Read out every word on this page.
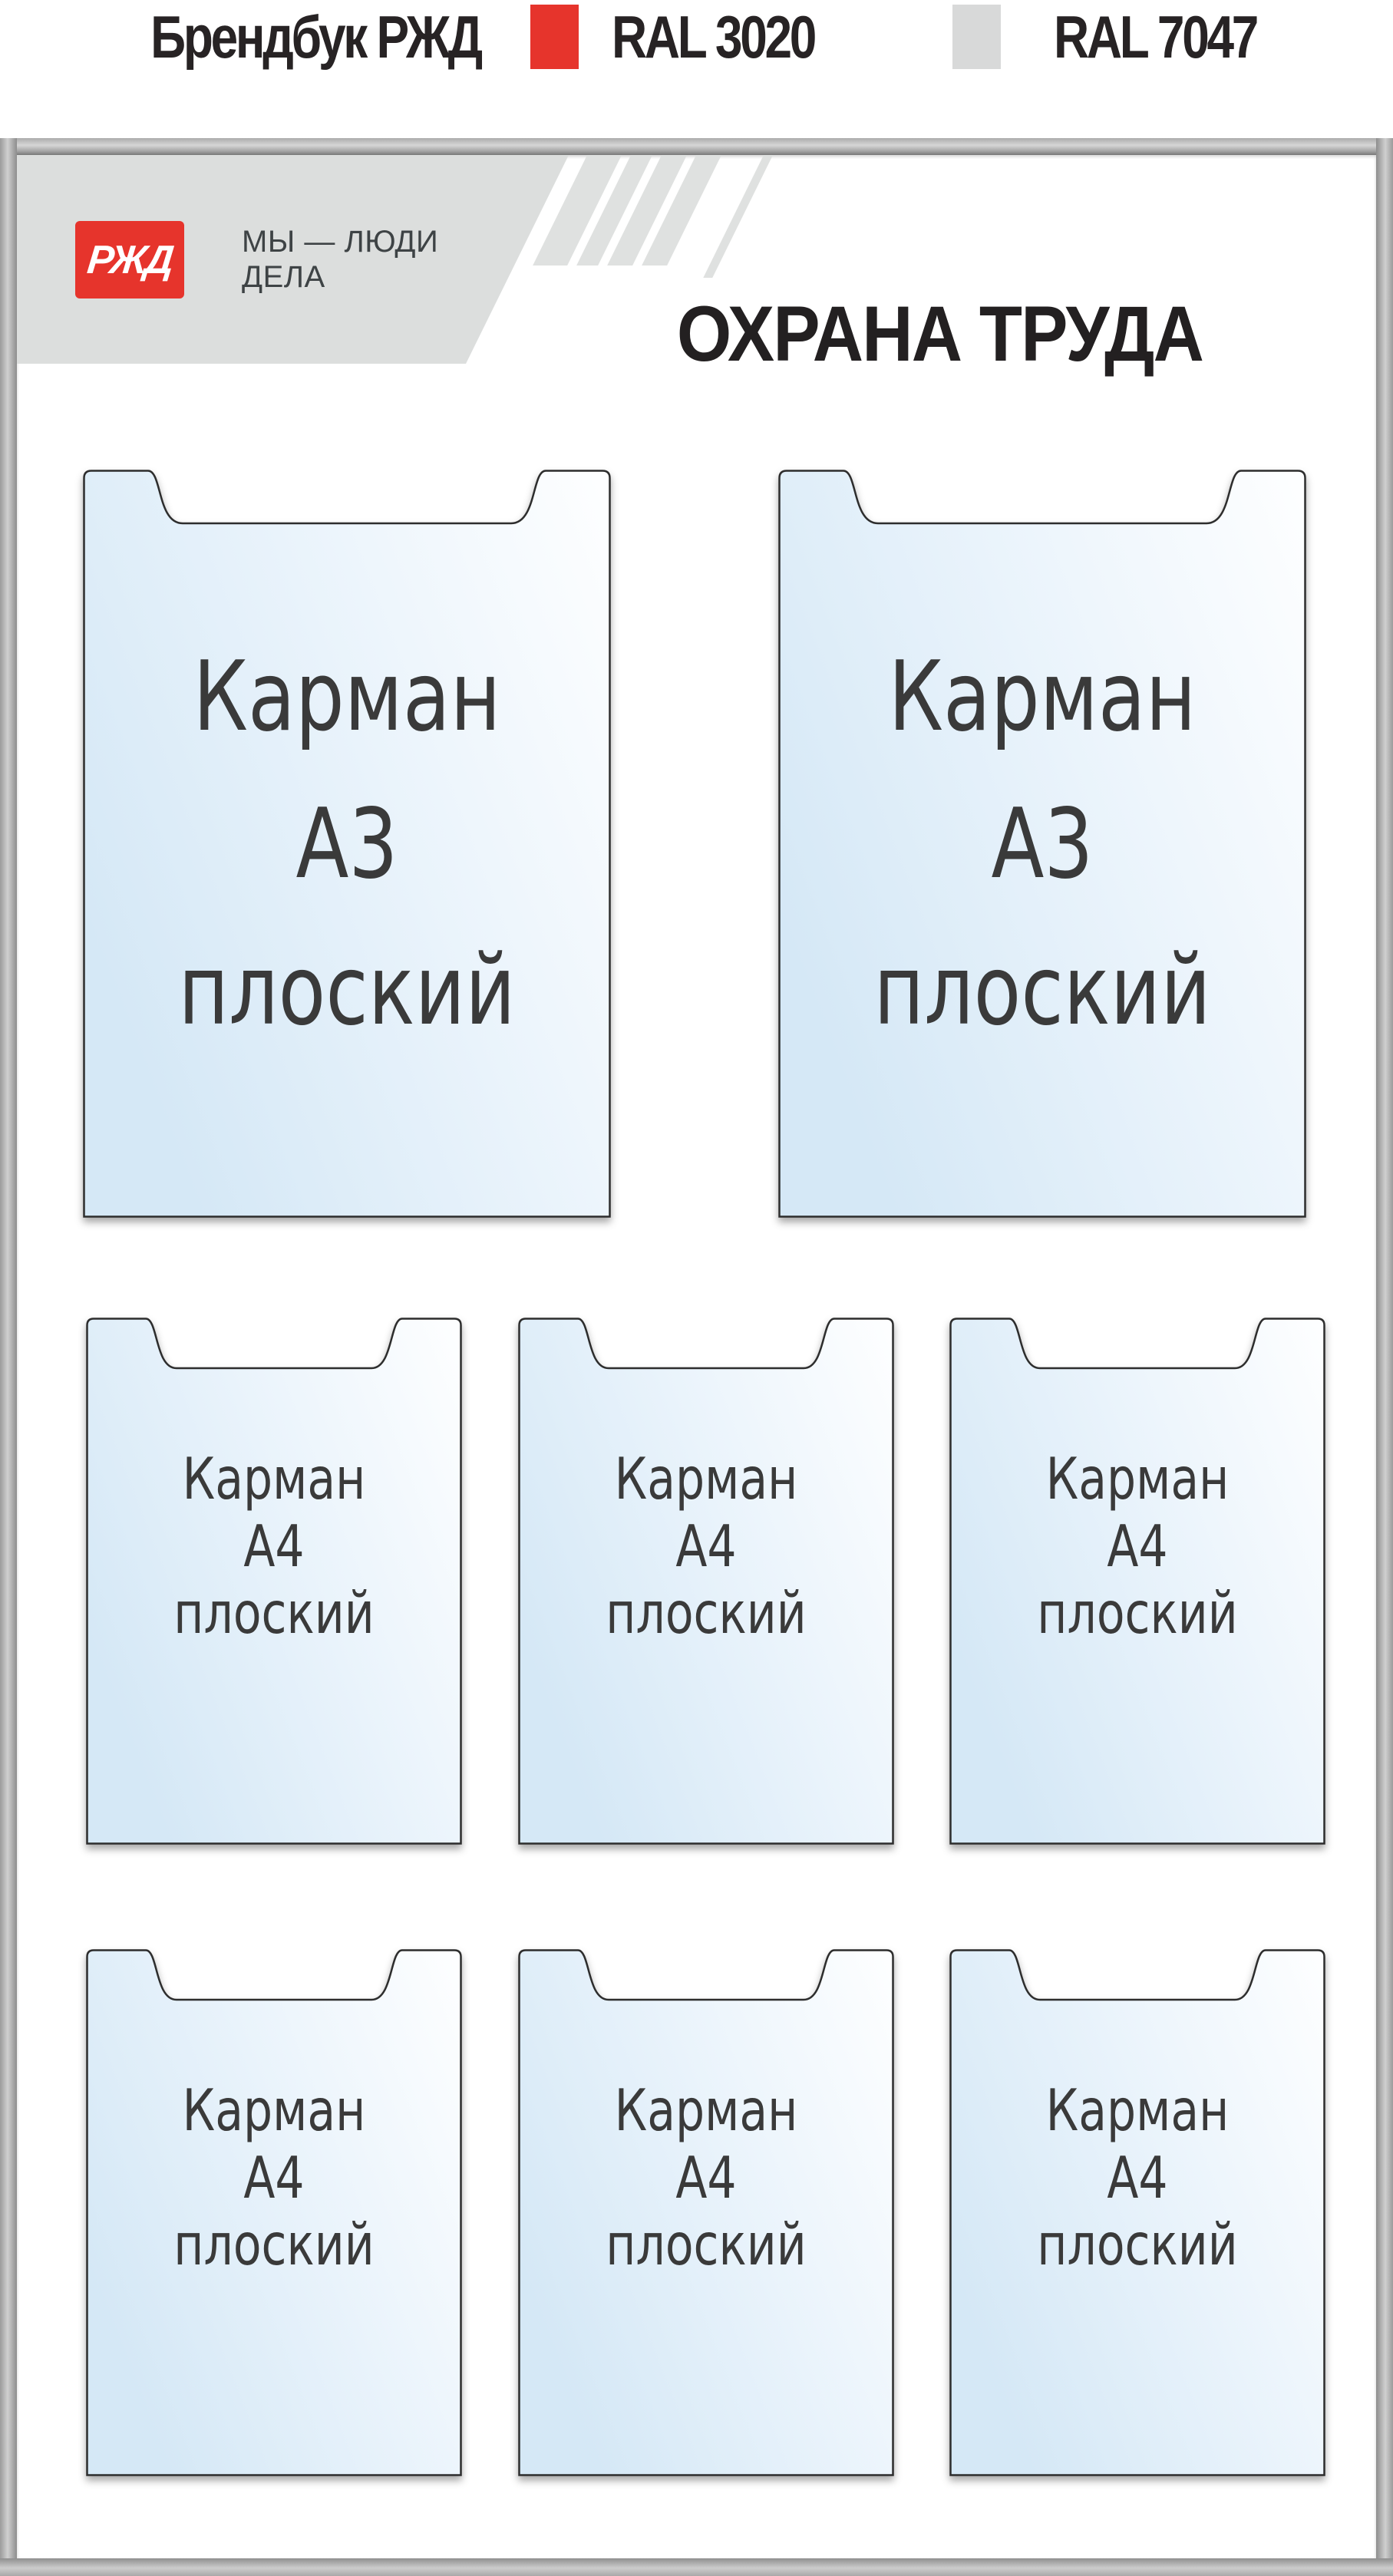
Брендбук РЖД RAL 3020	RAL 7047
РЖД МЫ — ЛЮДИ
ДЕЛА
ОХРАНА ТРУДА
Карман
А3
плоский
Карман
А3
плоский
Карман
А4
плоский
Карман
А4
плоский
Карман
А4
плоский
Карман
А4
плоский
Карман
А4
плоский
Карман
А4
плоский
